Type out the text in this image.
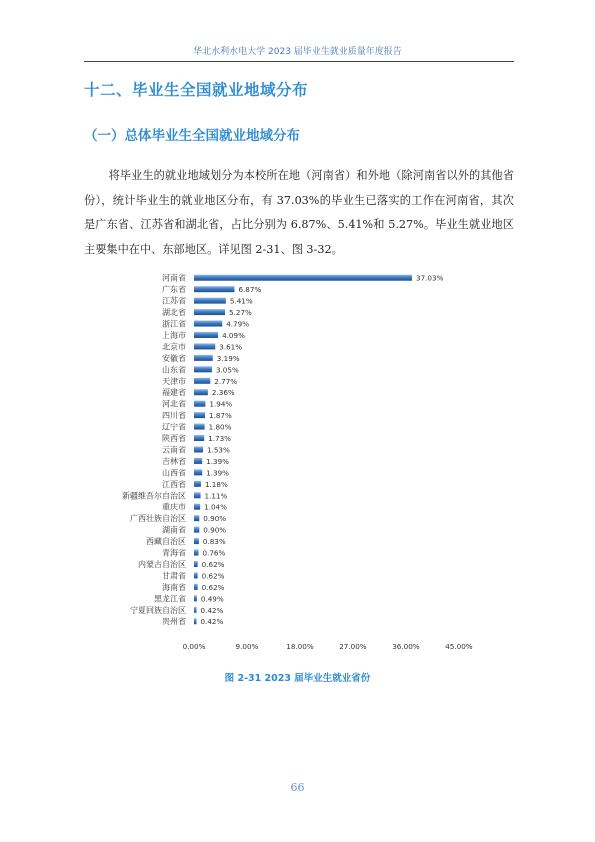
华北水利水电大学 2023 届毕业生就业质量年度报告
十二、毕业生全国就业地域分布
（一）总体毕业生全国就业地域分布

将毕业生的就业地域划分为本校所在地（河南省）和外地（除河南省以外的其他省份），统计毕业生的就业地区分布，有 37.03%的毕业生已落实的工作在河南省，其次是广东省、江苏省和湖北省，占比分别为 6.87%、5.41%和 5.27%。毕业生就业地区主要集中在中、东部地区。详见图 2-31、图 3-32。

河南省	37.03%
广东省	6.87%
江苏省	5.41%
湖北省	5.27%
浙江省	4.79%
上海市	4.09%
北京市	3.61%
安徽省	3.19%
山东省	3.05%
天津市	2.77%
福建省	2.36%
河北省	1.94%
四川省	1.87%
辽宁省	1.80%
陕西省	1.73%
云南省	1.53%
吉林省	1.39%
山西省	1.39%
江西省	1.18%
新疆维吾尔自治区	1.11%
重庆市	1.04%
广西壮族自治区 0.90%
湖南省 0.90%
西藏自治区 0.83%
青海省 0.76%
内蒙古自治区 0.62%
甘肃省 0.62%
海南省 0.62%
黑龙江省 0.49%
宁夏回族自治区 0.42%
贵州省 0.42%
0.00%	9.00%	18.00%	27.00%	36.00%	45.00%
图 2-31 2023 届毕业生就业省份
66
